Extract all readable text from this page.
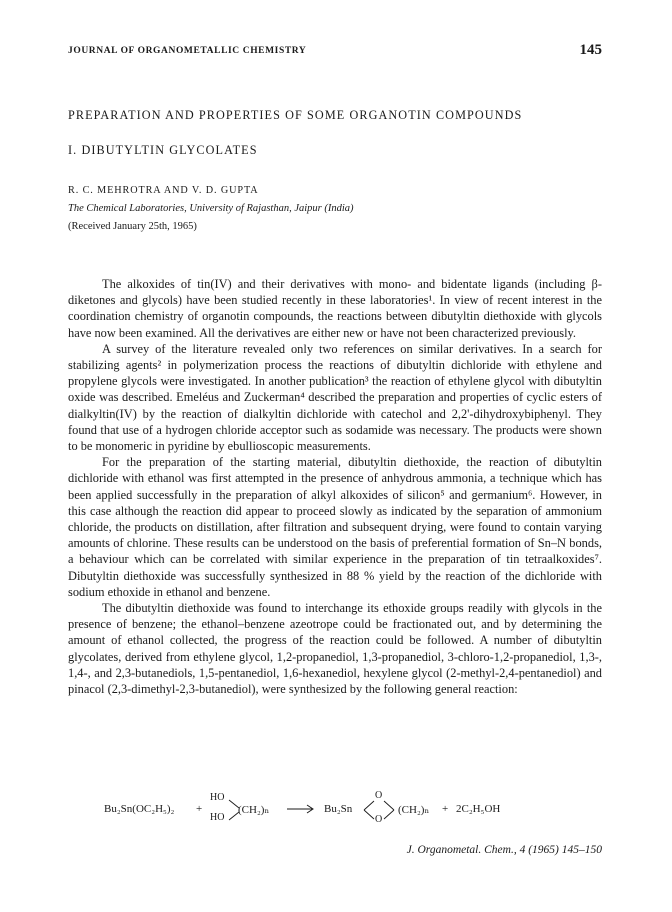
JOURNAL OF ORGANOMETALLIC CHEMISTRY	145
PREPARATION AND PROPERTIES OF SOME ORGANOTIN COMPOUNDS
I. DIBUTYLTIN GLYCOLATES
R. C. MEHROTRA AND V. D. GUPTA
The Chemical Laboratories, University of Rajasthan, Jaipur (India)
(Received January 25th, 1965)

The alkoxides of tin(IV) and their derivatives with mono- and bidentate ligands (including β-diketones and glycols) have been studied recently in these laboratories¹. In view of recent interest in the coordination chemistry of organotin compounds, the reactions between dibutyltin diethoxide with glycols have now been examined. All the derivatives are either new or have not been characterized previously.

A survey of the literature revealed only two references on similar derivatives. In a search for stabilizing agents² in polymerization process the reactions of dibutyltin dichloride with ethylene and propylene glycols were investigated. In another publication³ the reaction of ethylene glycol with dibutyltin oxide was described. Emeléus and Zuckerman⁴ described the preparation and properties of cyclic esters of dialkyltin(IV) by the reaction of dialkyltin dichloride with catechol and 2,2'-dihydroxybiphenyl. They found that use of a hydrogen chloride acceptor such as sodamide was necessary. The products were shown to be monomeric in pyridine by ebullioscopic measurements.

For the preparation of the starting material, dibutyltin diethoxide, the reaction of dibutyltin dichloride with ethanol was first attempted in the presence of anhydrous ammonia, a technique which has been applied successfully in the preparation of alkyl alkoxides of silicon⁵ and germanium⁶. However, in this case although the reaction did appear to proceed slowly as indicated by the separation of ammonium chloride, the products on distillation, after filtration and subsequent drying, were found to contain varying amounts of chlorine. These results can be understood on the basis of preferential formation of Sn–N bonds, a behaviour which can be correlated with similar experience in the preparation of tin tetraalkoxides⁷. Dibutyltin diethoxide was successfully synthesized in 88 % yield by the reaction of the dichloride with sodium ethoxide in ethanol and benzene.

The dibutyltin diethoxide was found to interchange its ethoxide groups readily with glycols in the presence of benzene; the ethanol–benzene azeotrope could be fractionated out, and by determining the amount of ethanol collected, the progress of the reaction could be followed. A number of dibutyltin glycolates, derived from ethylene glycol, 1,2-propanediol, 1,3-propanediol, 3-chloro-1,2-propanediol, 1,3-, 1,4-, and 2,3-butanediols, 1,5-pentanediol, 1,6-hexanediol, hexylene glycol (2-methyl-2,4-pentanediol) and pinacol (2,3-dimethyl-2,3-butanediol), were synthesized by the following general reaction:

Bu₂Sn(OC₂H₅)₂ +
HO
HO
(CH₂)ₙ → Bu₂Sn
O
O
(CH₂)ₙ + 2C₂H₅OH
J. Organometal. Chem., 4 (1965) 145–150
